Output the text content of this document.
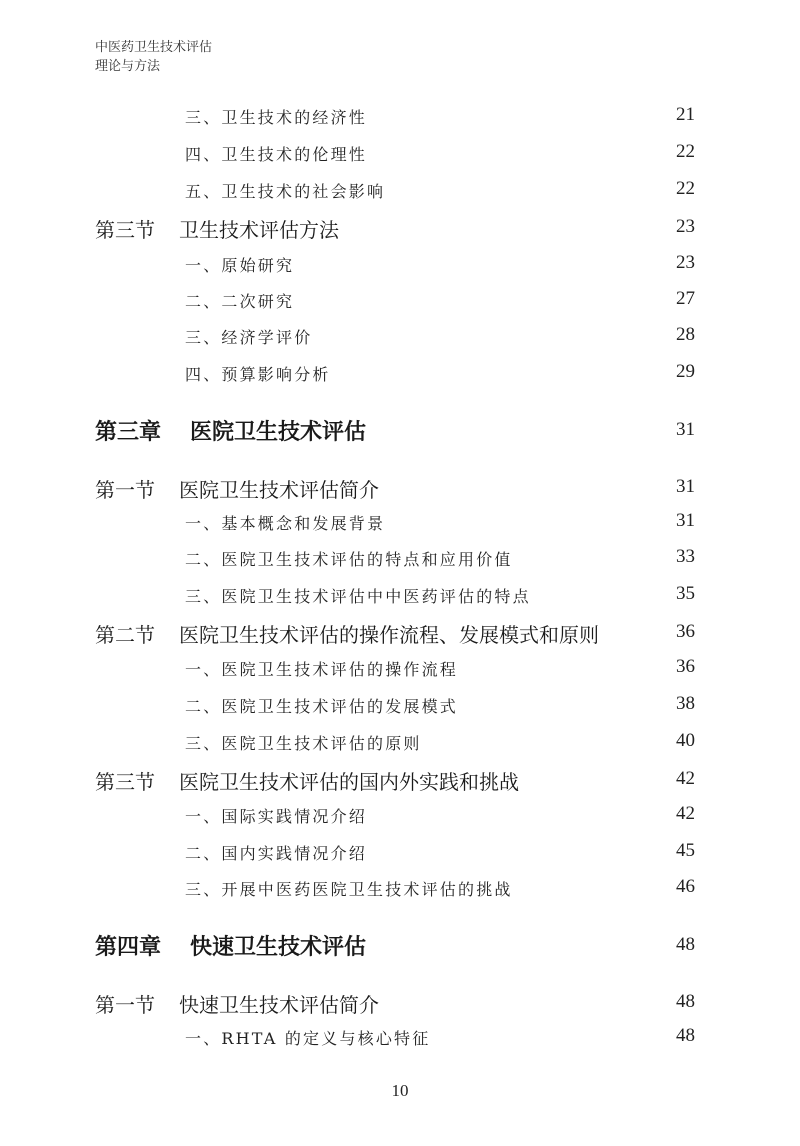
中医药卫生技术评估
理论与方法
三、卫生技术的经济性	21
四、卫生技术的伦理性	22
五、卫生技术的社会影响	22
第三节 卫生技术评估方法	23
一、原始研究	23
二、二次研究	27
三、经济学评价	28
四、预算影响分析	29
第三章 医院卫生技术评估	31
第一节 医院卫生技术评估简介	31
一、基本概念和发展背景	31
二、医院卫生技术评估的特点和应用价值	33
三、医院卫生技术评估中中医药评估的特点	35
第二节 医院卫生技术评估的操作流程、发展模式和原则	36
一、医院卫生技术评估的操作流程	36
二、医院卫生技术评估的发展模式	38
三、医院卫生技术评估的原则	40
第三节 医院卫生技术评估的国内外实践和挑战	42
一、国际实践情况介绍	42
二、国内实践情况介绍	45
三、开展中医药医院卫生技术评估的挑战	46
第四章 快速卫生技术评估	48
第一节 快速卫生技术评估简介	48
一、RHTA 的定义与核心特征	48
10
